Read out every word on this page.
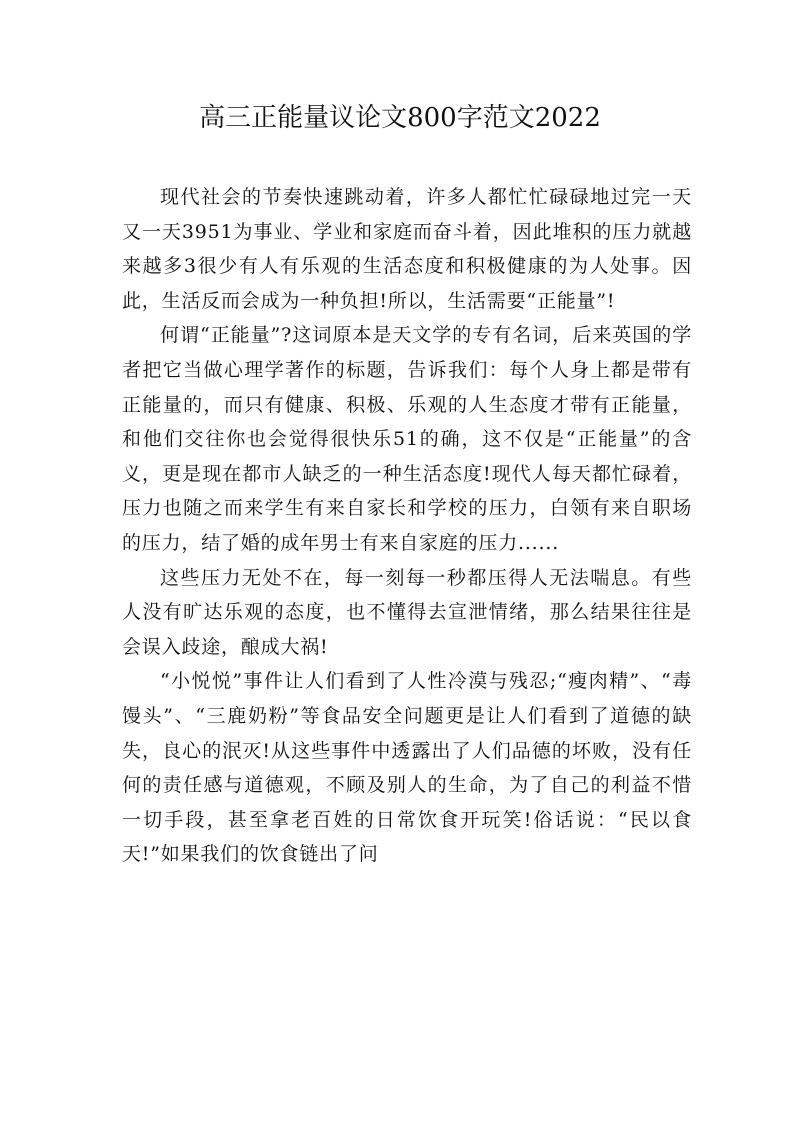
高三正能量议论文800字范文2022

现代社会的节奏快速跳动着，许多人都忙忙碌碌地过完一天又一天3951为事业、学业和家庭而奋斗着，因此堆积的压力就越来越多3很少有人有乐观的生活态度和积极健康的为人处事。因此，生活反而会成为一种负担!所以，生活需要“正能量”!

何谓“正能量”?这词原本是天文学的专有名词，后来英国的学者把它当做心理学著作的标题，告诉我们：每个人身上都是带有正能量的，而只有健康、积极、乐观的人生态度才带有正能量，和他们交往你也会觉得很快乐51的确，这不仅是“正能量”的含义，更是现在都市人缺乏的一种生活态度!现代人每天都忙碌着，压力也随之而来学生有来自家长和学校的压力，白领有来自职场的压力，结了婚的成年男士有来自家庭的压力......

这些压力无处不在，每一刻每一秒都压得人无法喘息。有些人没有旷达乐观的态度，也不懂得去宣泄情绪，那么结果往往是会误入歧途，酿成大祸!

“小悦悦”事件让人们看到了人性冷漠与残忍;“瘦肉精”、“毒馒头”、“三鹿奶粉”等食品安全问题更是让人们看到了道德的缺失，良心的泯灭!从这些事件中透露出了人们品德的坏败，没有任何的责任感与道德观，不顾及别人的生命，为了自己的利益不惜一切手段，甚至拿老百姓的日常饮食开玩笑!俗话说：“民以食天!”如果我们的饮食链出了问
